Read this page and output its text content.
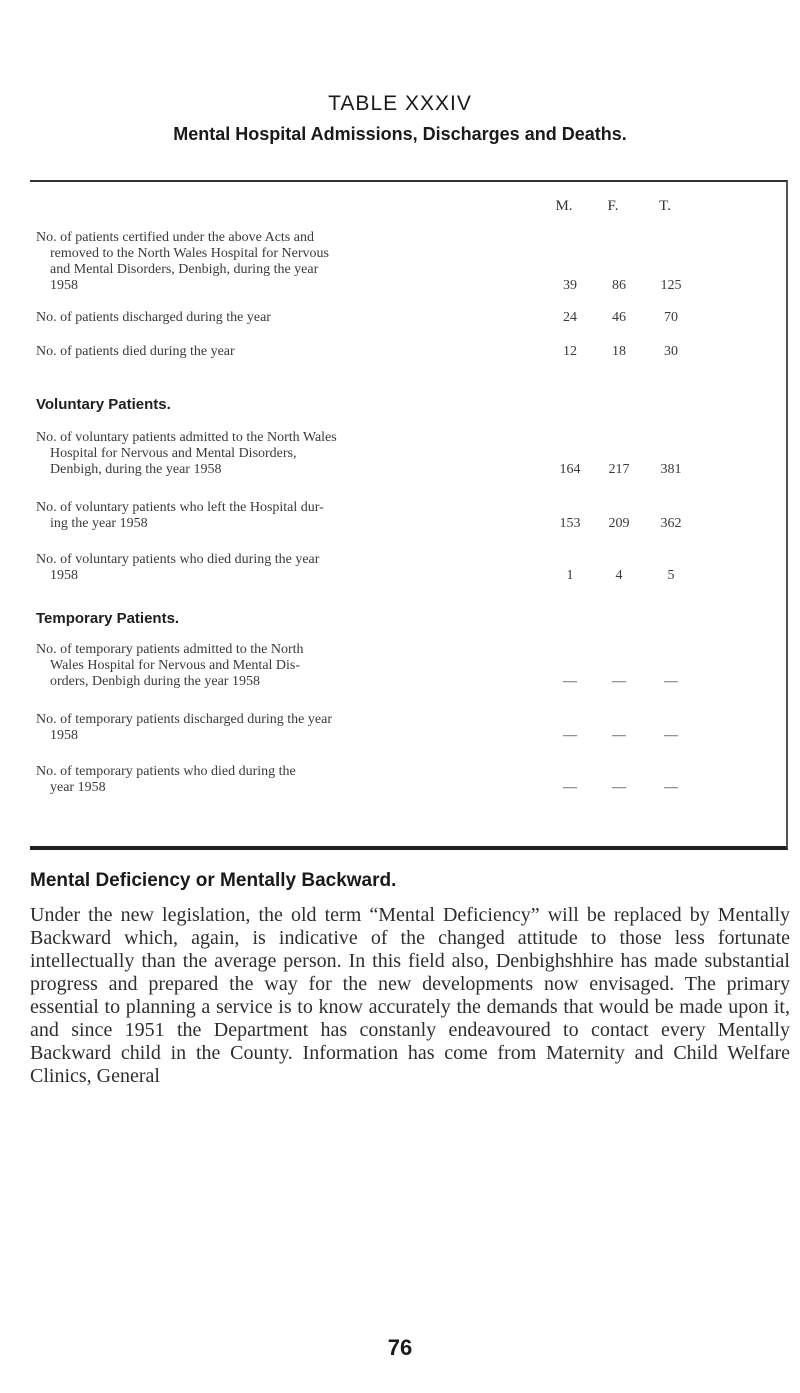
TABLE XXXIV
Mental Hospital Admissions, Discharges and Deaths.
M.	F.	T.
No. of patients certified under the above Acts and
removed to the North Wales Hospital for Nervous
and Mental Disorders, Denbigh, during the year
1958	39	86	125
No. of patients discharged during the year	24	46	70
No. of patients died during the year	12	18	30
Voluntary Patients.
No. of voluntary patients admitted to the North Wales
Hospital for Nervous and Mental Disorders,
Denbigh, during the year 1958	164	217	381
No. of voluntary patients who left the Hospital dur-
ing the year 1958	153	209	362
No. of voluntary patients who died during the year
1958	1	4	5
Temporary Patients.
No. of temporary patients admitted to the North
Wales Hospital for Nervous and Mental Dis-
orders, Denbigh during the year 1958	—	—	—
No. of temporary patients discharged during the year
1958	—	—	—
No. of temporary patients who died during the
year 1958	—	—	—
Mental Deficiency or Mentally Backward.
Under the new legislation, the old term “Mental Deficiency” will be replaced by Mentally Backward which, again, is indicative of the changed attitude to those less fortunate intellectually than the average person. In this field also, Denbighshhire has made substantial progress and prepared the way for the new developments now envisaged. The primary essential to planning a service is to know accurately the demands that would be made upon it, and since 1951 the Department has constanly endeavoured to contact every Mentally Backward child in the County. Information has come from Maternity and Child Welfare Clinics, General
76
